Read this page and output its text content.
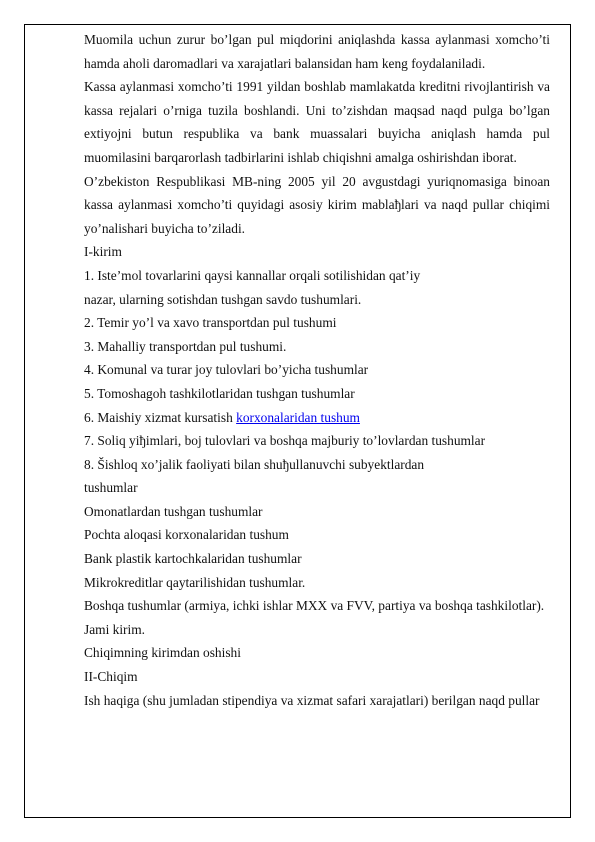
Muomila uchun zurur bo’lgan pul miqdorini aniqlashda kassa aylanmasi xomcho’ti hamda aholi daromadlari va xarajatlari balansidan ham keng foydalaniladi.

Kassa aylanmasi xomcho’ti 1991 yildan boshlab mamlakatda kreditni rivojlantirish va kassa rejalari o’rniga tuzila boshlandi. Uni to’zishdan maqsad naqd pulga bo’lgan extiyojni butun respublika va bank muassalari buyicha aniqlash hamda pul muomilasini barqarorlash tadbirlarini ishlab chiqishni amalga oshirishdan iborat.

O’zbekiston Respublikasi MB-ning 2005 yil 20 avgustdagi yuriqnomasiga binoan kassa aylanmasi xomcho’ti quyidagi asosiy kirim mablaђlari va naqd pullar chiqimi yo’nalishari buyicha to’ziladi.

I-kirim

1. Iste’mol tovarlarini qaysi kannallar orqali sotilishidan qat’iy

nazar, ularning sotishdan tushgan savdo tushumlari.

2. Temir yo’l va xavo transportdan pul tushumi

3. Mahalliy transportdan pul tushumi.

4. Komunal va turar joy tulovlari bo’yicha tushumlar

5. Tomoshagoh tashkilotlaridan tushgan tushumlar

6. Maishiy xizmat kursatish korxonalaridan tushum

7. Soliq yiђimlari, boj tulovlari va boshqa majburiy to’lovlardan tushumlar

8. Šishloq xo’jalik faoliyati bilan shuђullanuvchi subyektlardan

tushumlar

Omonatlardan tushgan tushumlar

Pochta aloqasi korxonalaridan tushum

Bank plastik kartochkalaridan tushumlar

Mikrokreditlar qaytarilishidan tushumlar.

Boshqa tushumlar (armiya, ichki ishlar MXX va FVV, partiya va boshqa tashkilotlar).

Jami kirim.

Chiqimning kirimdan oshishi

II-Chiqim

Ish haqiga (shu jumladan stipendiya va xizmat safari xarajatlari) berilgan naqd pullar
